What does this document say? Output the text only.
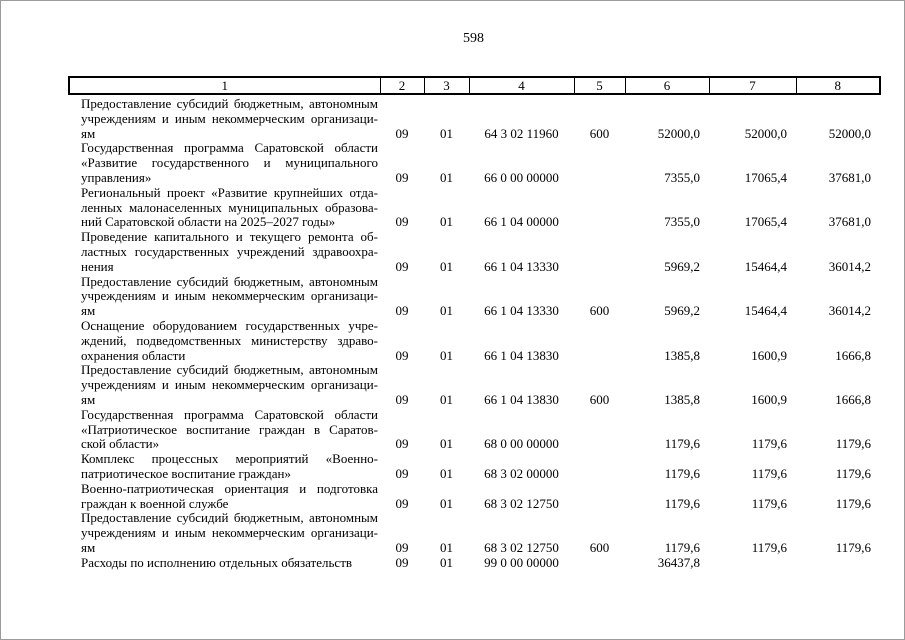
598
1	2	3	4	5	6	7	8

Предоставление субсидий бюджетным, автономным
учреждениям и иным некоммерческим организаци-
ям	09	01	64 3 02 11960	600	52000,0	52000,0	52000,0

Государственная программа Саратовской области
«Развитие государственного и муниципального
управления»	09	01	66 0 00 00000		7355,0	17065,4	37681,0

Региональный проект «Развитие крупнейших отда-
ленных малонаселенных муниципальных образова-
ний Саратовской области на 2025–2027 годы»	09	01	66 1 04 00000		7355,0	17065,4	37681,0

Проведение капитального и текущего ремонта об-
ластных государственных учреждений здравоохра-
нения	09	01	66 1 04 13330		5969,2	15464,4	36014,2

Предоставление субсидий бюджетным, автономным
учреждениям и иным некоммерческим организаци-
ям	09	01	66 1 04 13330	600	5969,2	15464,4	36014,2

Оснащение оборудованием государственных учре-
ждений, подведомственных министерству здраво-
охранения области	09	01	66 1 04 13830		1385,8	1600,9	1666,8

Предоставление субсидий бюджетным, автономным
учреждениям и иным некоммерческим организаци-
ям	09	01	66 1 04 13830	600	1385,8	1600,9	1666,8

Государственная программа Саратовской области
«Патриотическое воспитание граждан в Саратов-
ской области»	09	01	68 0 00 00000		1179,6	1179,6	1179,6

Комплекс процессных мероприятий «Военно-
патриотическое воспитание граждан»	09	01	68 3 02 00000		1179,6	1179,6	1179,6

Военно-патриотическая ориентация и подготовка
граждан к военной службе	09	01	68 3 02 12750		1179,6	1179,6	1179,6

Предоставление субсидий бюджетным, автономным
учреждениям и иным некоммерческим организаци-
ям	09	01	68 3 02 12750	600	1179,6	1179,6	1179,6

Расходы по исполнению отдельных обязательств	09	01	99 0 00 00000		36437,8		
